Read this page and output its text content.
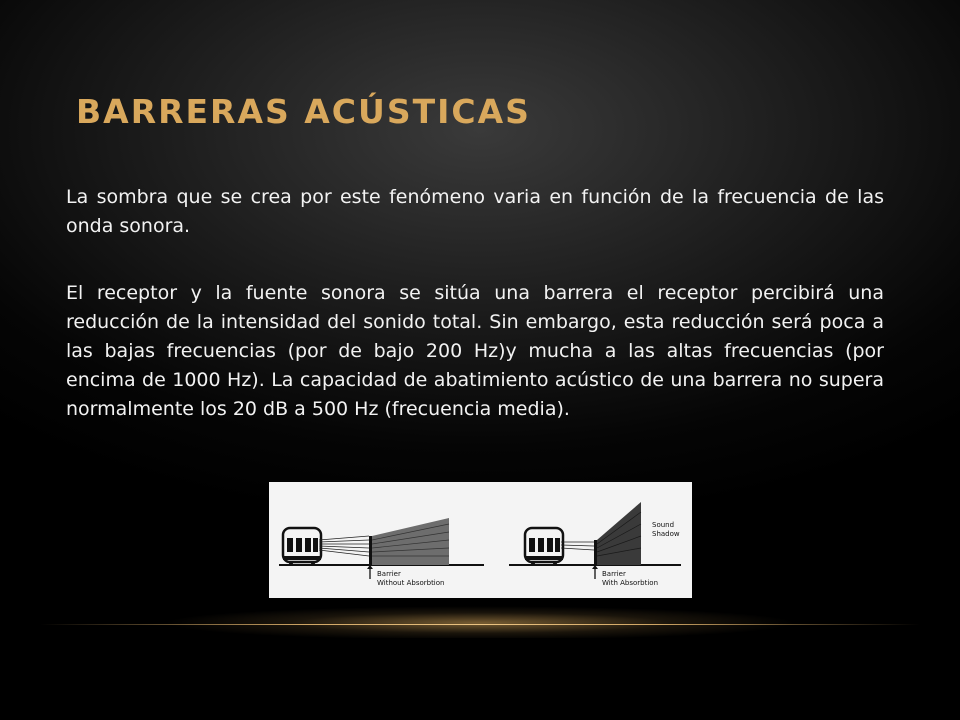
BARRERAS ACÚSTICAS

La sombra que se crea por este fenómeno varia en función de la frecuencia de las onda sonora.

El receptor y la fuente sonora se sitúa una barrera el receptor percibirá una reducción de la intensidad del sonido total. Sin embargo, esta reducción será poca a las bajas frecuencias (por de bajo 200 Hz)y mucha a las altas frecuencias (por encima de 1000 Hz). La capacidad de abatimiento acústico de una barrera no supera normalmente los 20 dB a 500 Hz (frecuencia media).

Barrier
Without Absorbtion
Barrier
With Absorbtion
Sound
Shadow
